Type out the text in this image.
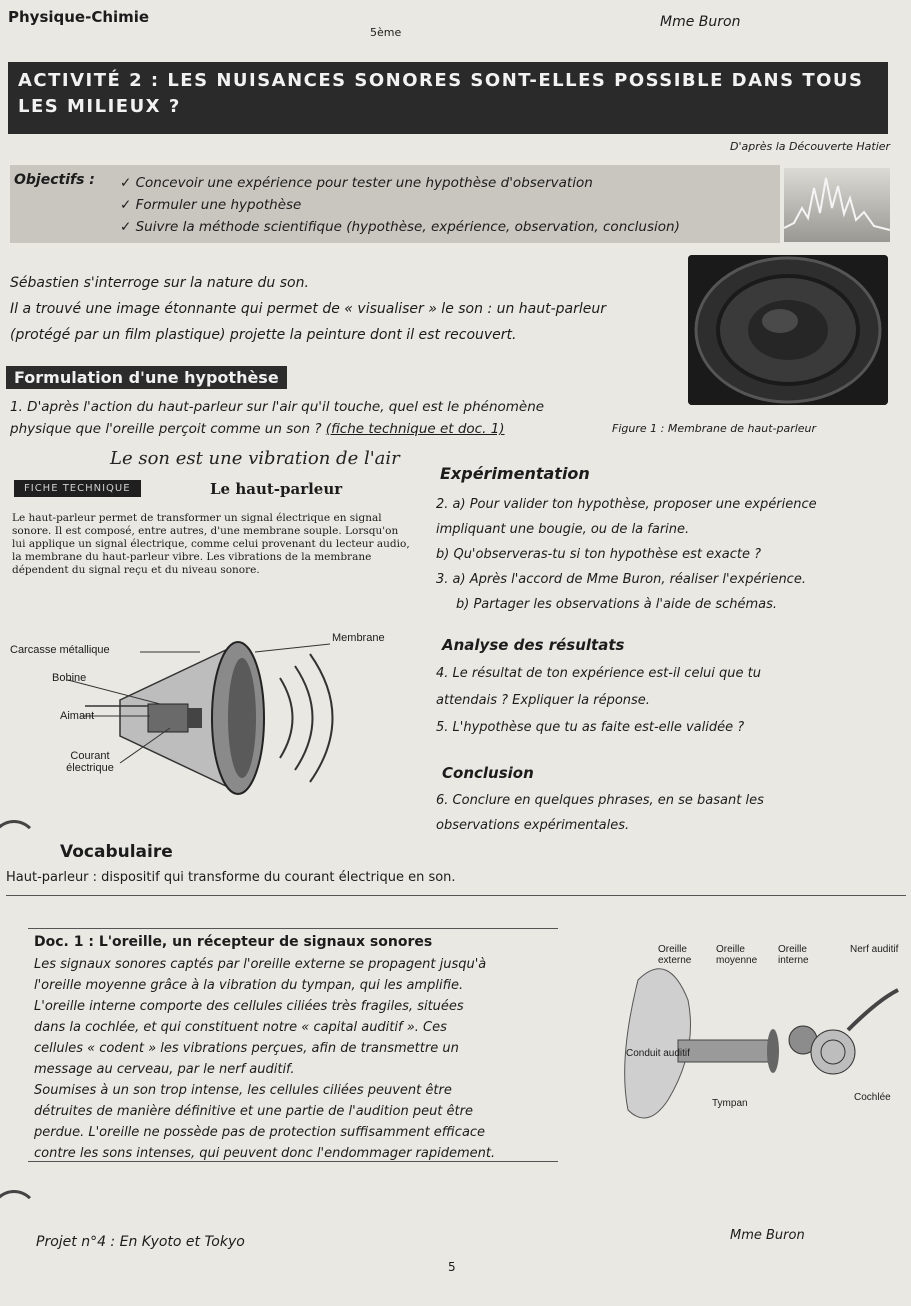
Physique-Chimie
5ème
Mme Buron
ACTIVITÉ 2 : LES NUISANCES SONORES SONT-ELLES POSSIBLE DANS TOUS LES MILIEUX ?
D'après la Découverte Hatier
Objectifs :
✓	Concevoir une expérience pour tester une hypothèse d'observation
✓ Formuler une hypothèse
✓ Suivre la méthode scientifique (hypothèse, expérience, observation, conclusion)
Sébastien s'interroge sur la nature du son.
Il a trouvé une image étonnante qui permet de « visualiser » le son : un haut-parleur
(protégé par un film plastique) projette la peinture dont il est recouvert.
Figure 1 : Membrane de haut-parleur
Formulation d'une hypothèse
1. D'après l'action du haut-parleur sur l'air qu'il touche, quel est le phénomène
physique que l'oreille perçoit comme un son ? (fiche technique et doc. 1)
Le son est une vibration de l'air
FICHE TECHNIQUE	Le haut-parleur
Le haut-parleur permet de transformer un signal électrique en signal sonore. Il est composé, entre autres, d'une membrane souple. Lorsqu'on lui applique un signal électrique, comme celui provenant du lecteur audio, la membrane du haut-parleur vibre. Les vibrations de la membrane dépendent du signal reçu et du niveau sonore.
Carcasse métallique
Membrane
Bobine
Aimant
Courant électrique
Expérimentation
2. a) Pour valider ton hypothèse, proposer une expérience
impliquant une bougie, ou de la farine.
b) Qu'observeras-tu si ton hypothèse est exacte ?
3. a) Après l'accord de Mme Buron, réaliser l'expérience.
b) Partager les observations à l'aide de schémas.
Analyse des résultats
4. Le résultat de ton expérience est-il celui que tu
attendais ? Expliquer la réponse.
5. L'hypothèse que tu as faite est-elle validée ?
Conclusion
6. Conclure en quelques phrases, en se basant les
observations expérimentales.
Vocabulaire
Haut-parleur : dispositif qui transforme du courant électrique en son.
Doc. 1 : L'oreille, un récepteur de signaux sonores
Les signaux sonores captés par l'oreille externe se propagent jusqu'à
l'oreille moyenne grâce à la vibration du tympan, qui les amplifie.
L'oreille interne comporte des cellules ciliées très fragiles, situées
dans la cochlée, et qui constituent notre « capital auditif ». Ces
cellules « codent » les vibrations perçues, afin de transmettre un
message au cerveau, par le nerf auditif.
Soumises à un son trop intense, les cellules ciliées peuvent être
détruites de manière définitive et une partie de l'audition peut être
perdue. L'oreille ne possède pas de protection suffisamment efficace
contre les sons intenses, qui peuvent donc l'endommager rapidement.
Oreille externe
Oreille moyenne
Oreille interne
Nerf auditif
Conduit auditif
Tympan
Cochlée
Projet n°4 : En Kyoto et Tokyo	Mme Buron
5
